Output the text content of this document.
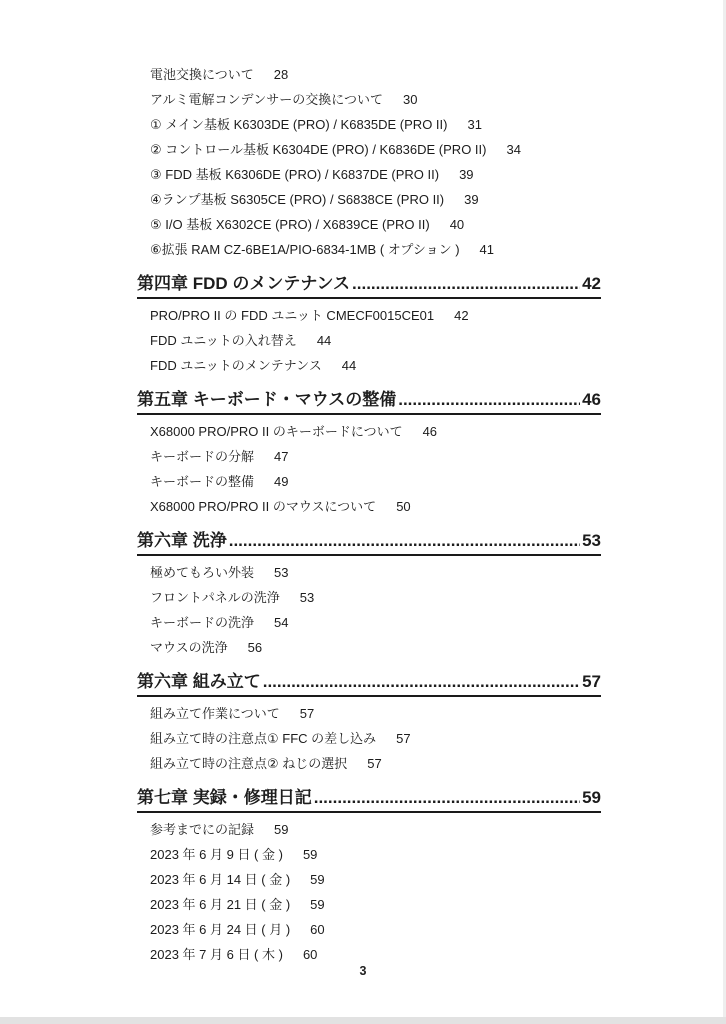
電池交換について 28
アルミ電解コンデンサーの交換について 30
① メイン基板 K6303DE (PRO) / K6835DE (PRO II) 31
② コントロール基板 K6304DE (PRO) / K6836DE (PRO II) 34
③ FDD 基板 K6306DE (PRO) / K6837DE (PRO II) 39
④ランプ基板 S6305CE (PRO) / S6838CE (PRO II) 39
⑤ I/O 基板 X6302CE (PRO) / X6839CE (PRO II) 40
⑥拡張 RAM CZ-6BE1A/PIO-6834-1MB ( オプション ) 41
第四章 FDD のメンテナンス .....	42
PRO/PRO II の FDD ユニット CMECF0015CE01 42
FDD ユニットの入れ替え 44
FDD ユニットのメンテナンス 44
第五章 キーボード・マウスの整備 .....	46
X68000 PRO/PRO II のキーボードについて 46
キーボードの分解 47
キーボードの整備 49
X68000 PRO/PRO II のマウスについて 50
第六章 洗浄 .....	53
極めてもろい外装 53
フロントパネルの洗浄 53
キーボードの洗浄 54
マウスの洗浄 56
第六章 組み立て .....	57
組み立て作業について 57
組み立て時の注意点① FFC の差し込み 57
組み立て時の注意点② ねじの選択 57
第七章 実録・修理日記 .....	59
参考までにの記録 59
2023 年 6 月 9 日 ( 金 ) 59
2023 年 6 月 14 日 ( 金 ) 59
2023 年 6 月 21 日 ( 金 ) 59
2023 年 6 月 24 日 ( 月 ) 60
2023 年 7 月 6 日 ( 木 ) 60
3
